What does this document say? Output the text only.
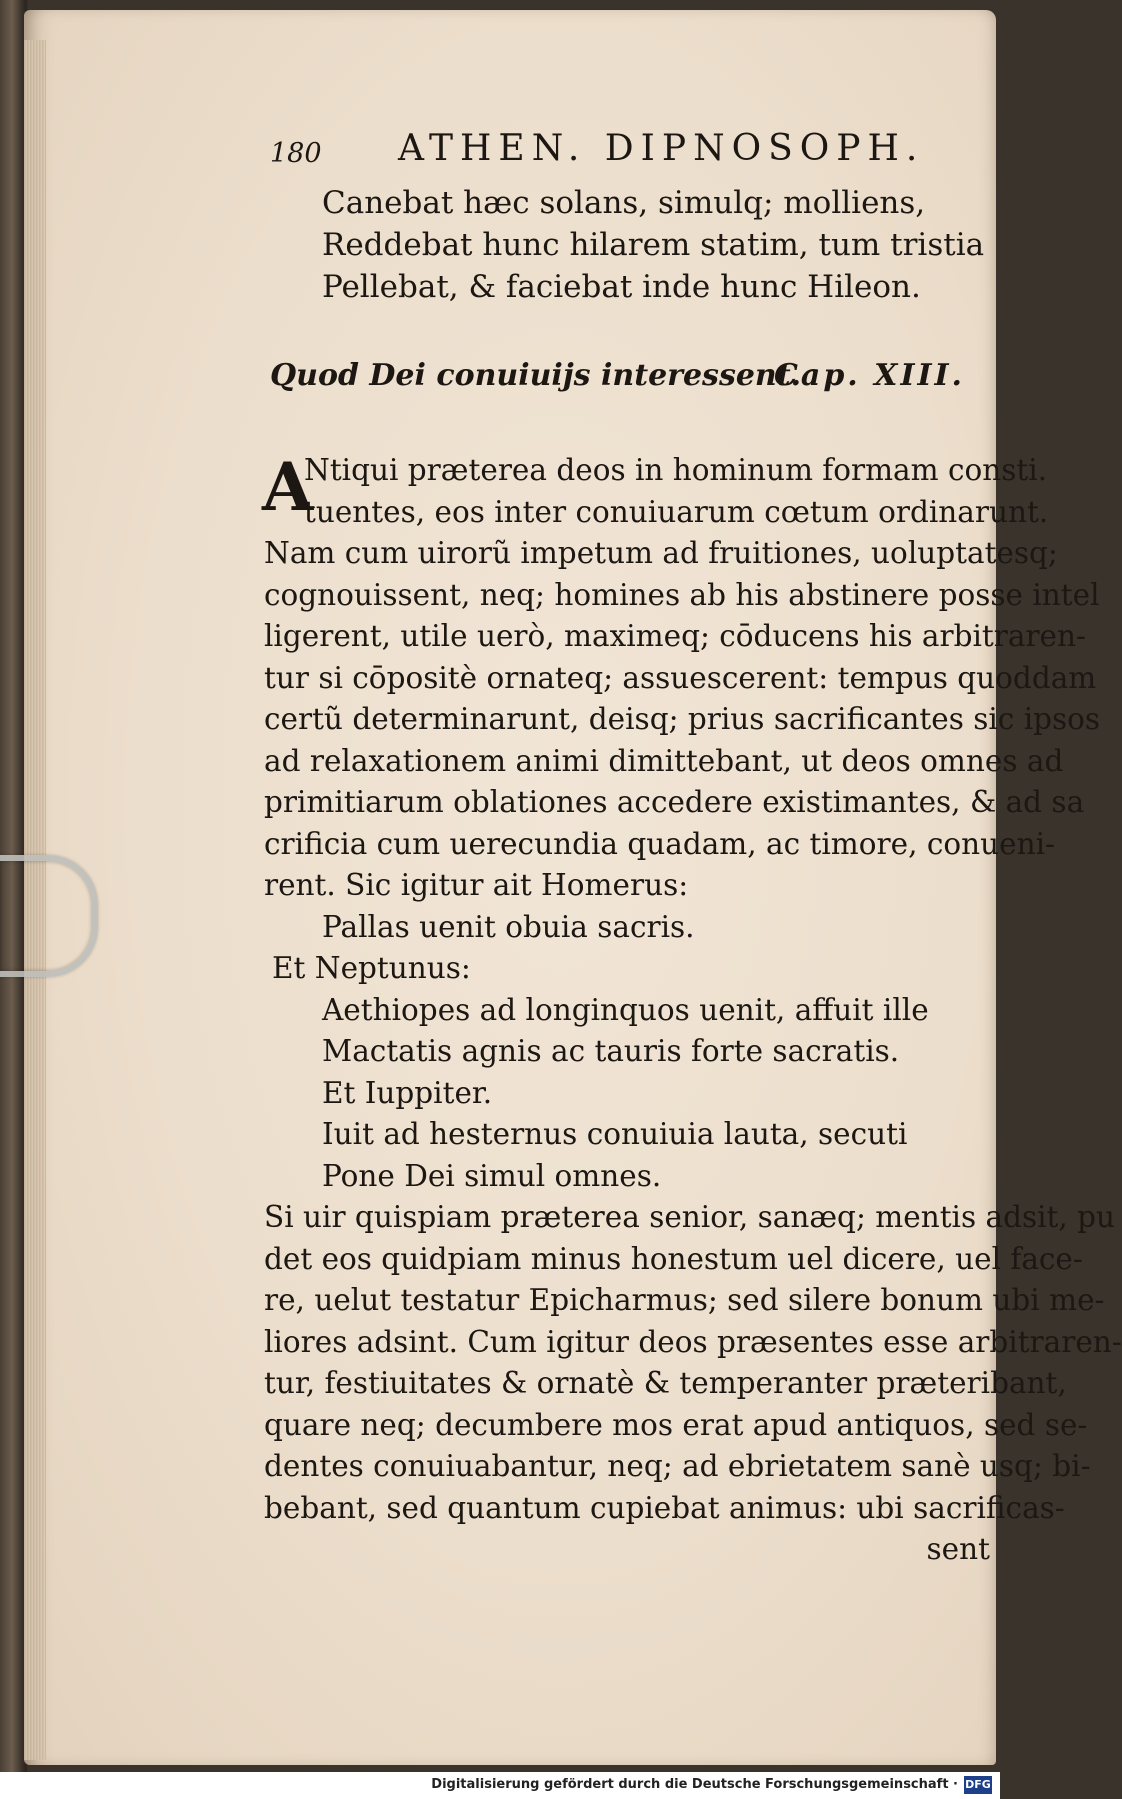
180 ATHEN. DIPNOSOPH.
Canebat hæc solans, simulq; molliens,
Reddebat hunc hilarem statim, tum tristia
Pellebat, & faciebat inde hunc Hileon.
Quod Dei conuiuijs interessent.
Cap. XIII.
A
Ntiqui præterea deos in hominum formam consti.
tuentes, eos inter conuiuarum cœtum ordinarunt.
Nam cum uirorũ impetum ad fruitiones, uoluptatesq;
cognouissent, neq; homines ab his abstinere posse intel
ligerent, utile uerò, maximeq; cōducens his arbitraren-
tur si cōpositè ornateq; assuescerent: tempus quoddam
certũ determinarunt, deisq; prius sacrificantes sic ipsos
ad relaxationem animi dimittebant, ut deos omnes ad
primitiarum oblationes accedere existimantes, & ad sa
crificia cum uerecundia quadam, ac timore, conueni-
rent. Sic igitur ait Homerus:
Pallas uenit obuia sacris.
Et Neptunus:
Aethiopes ad longinquos uenit, affuit ille
Mactatis agnis ac tauris forte sacratis.
Et Iuppiter.
Iuit ad hesternus conuiuia lauta, secuti
Pone Dei simul omnes.
Si uir quispiam præterea senior, sanæq; mentis adsit, pu
det eos quidpiam minus honestum uel dicere, uel face-
re, uelut testatur Epicharmus; sed silere bonum ubi me-
liores adsint. Cum igitur deos præsentes esse arbitraren-
tur, festiuitates & ornatè & temperanter præteribant,
quare neq; decumbere mos erat apud antiquos, sed se-
dentes conuiuabantur, neq; ad ebrietatem sanè usq; bi-
bebant, sed quantum cupiebat animus: ubi sacrificas-
sent
Digitalisierung gefördert durch die Deutsche Forschungsgemeinschaft · DFG
